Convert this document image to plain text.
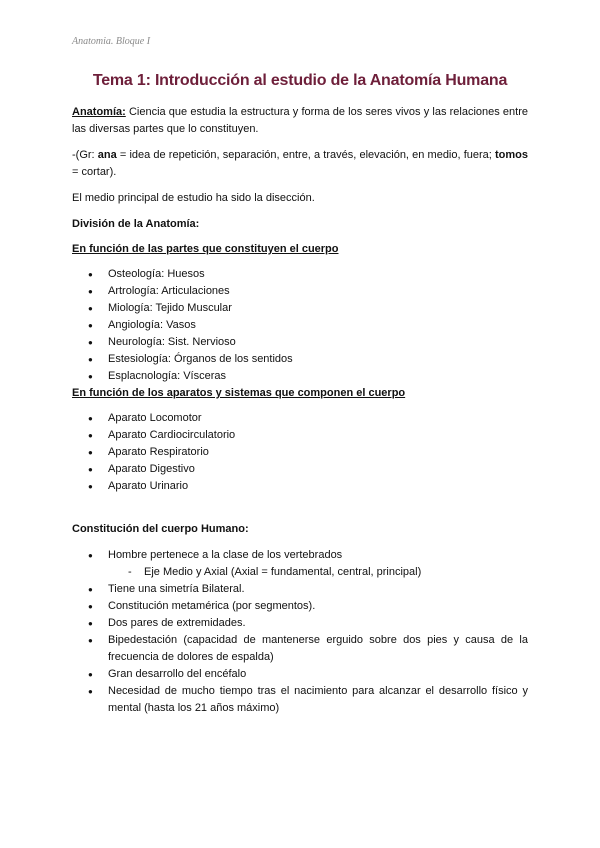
Anatomia. Bloque I
Tema 1: Introducción al estudio de la Anatomía Humana

Anatomía: Ciencia que estudia la estructura y forma de los seres vivos y las relaciones entre las diversas partes que lo constituyen.

-(Gr: ana = idea de repetición, separación, entre, a través, elevación, en medio, fuera; tomos = cortar).

El medio principal de estudio ha sido la disección.

División de la Anatomía:

En función de las partes que constituyen el cuerpo

● Osteología: Huesos
● Artrología: Articulaciones
● Miología: Tejido Muscular
● Angiología: Vasos
● Neurología: Sist. Nervioso
● Estesiología: Órganos de los sentidos
● Esplacnología: Vísceras

En función de los aparatos y sistemas que componen el cuerpo

● Aparato Locomotor
● Aparato Cardiocirculatorio
● Aparato Respiratorio
● Aparato Digestivo
● Aparato Urinario

Constitución del cuerpo Humano:

● Hombre pertenece a la clase de los vertebrados
- Eje Medio y Axial (Axial = fundamental, central, principal)
● Tiene una simetría Bilateral.
● Constitución metamérica (por segmentos).
● Dos pares de extremidades.
● Bipedestación (capacidad de mantenerse erguido sobre dos pies y causa de la frecuencia de dolores de espalda)
● Gran desarrollo del encéfalo
● Necesidad de mucho tiempo tras el nacimiento para alcanzar el desarrollo físico y mental (hasta los 21 años máximo)
